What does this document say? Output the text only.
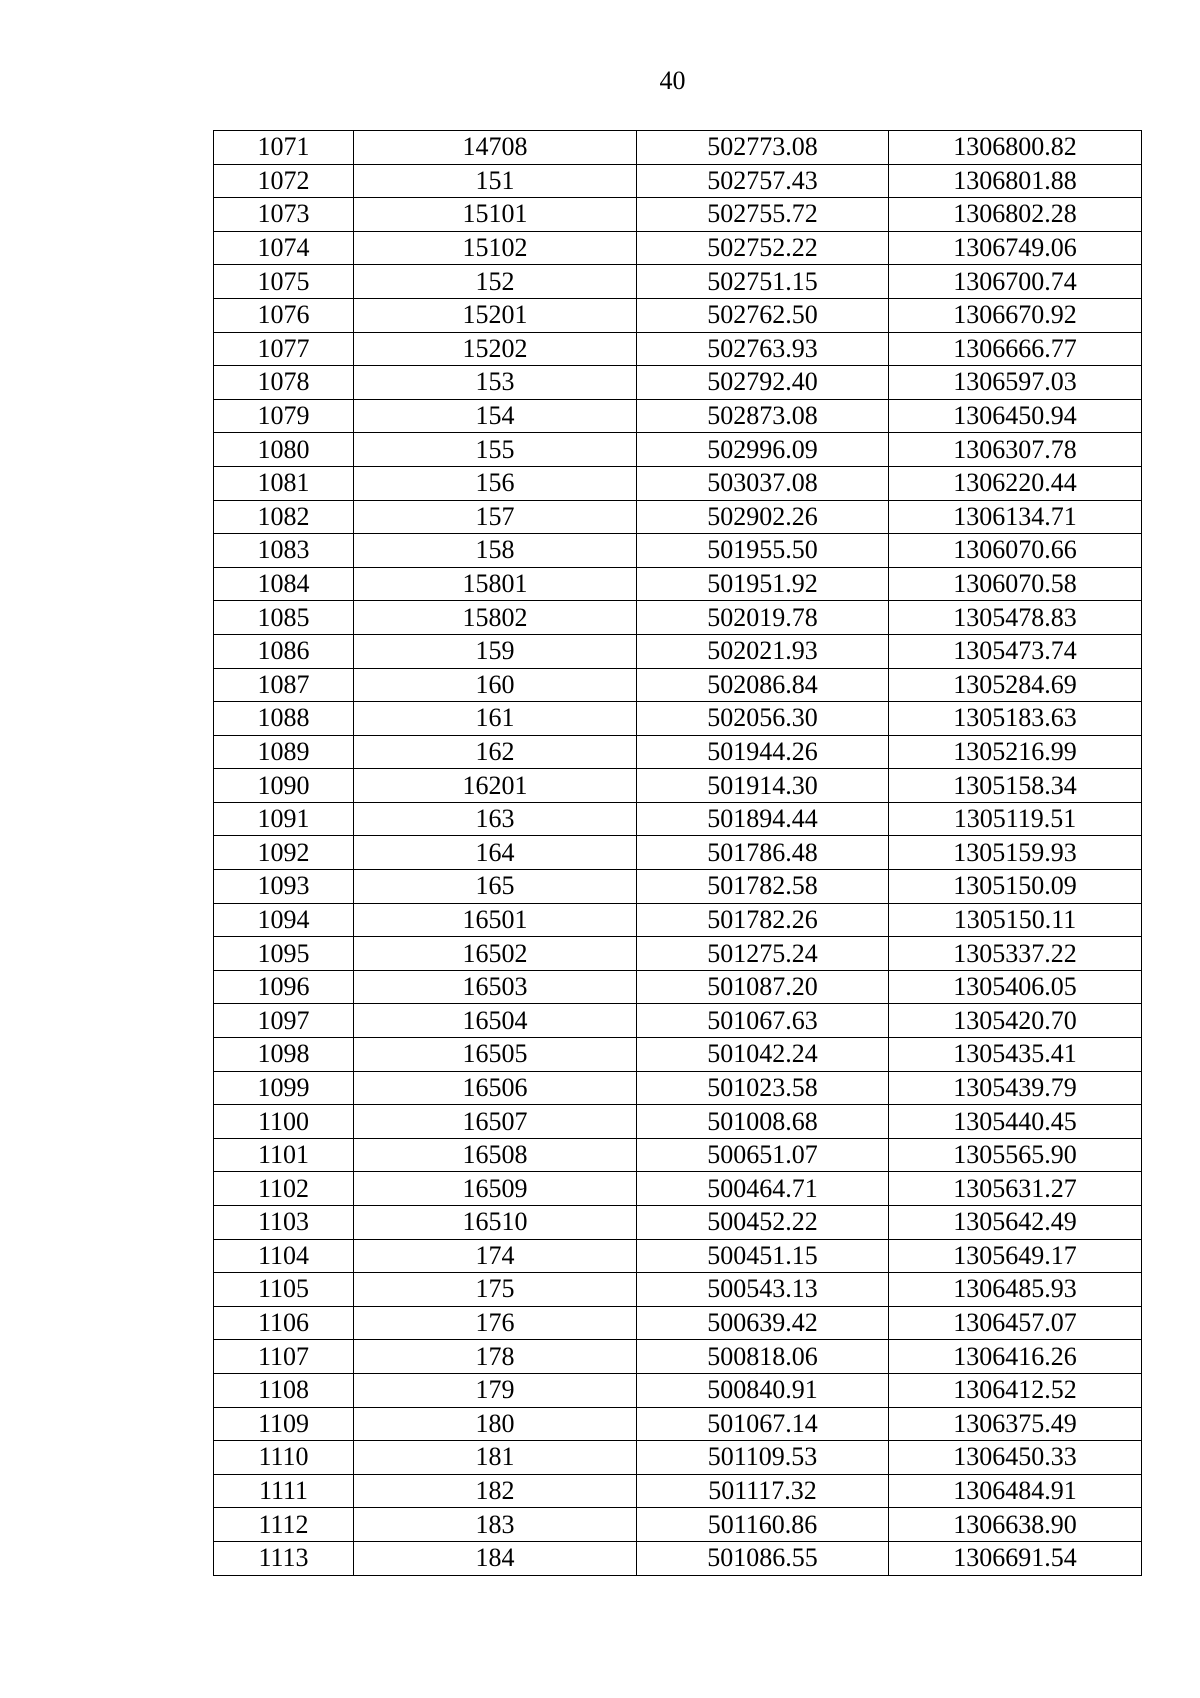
40
1071	14708	502773.08	1306800.82
1072	151	502757.43	1306801.88
1073	15101	502755.72	1306802.28
1074	15102	502752.22	1306749.06
1075	152	502751.15	1306700.74
1076	15201	502762.50	1306670.92
1077	15202	502763.93	1306666.77
1078	153	502792.40	1306597.03
1079	154	502873.08	1306450.94
1080	155	502996.09	1306307.78
1081	156	503037.08	1306220.44
1082	157	502902.26	1306134.71
1083	158	501955.50	1306070.66
1084	15801	501951.92	1306070.58
1085	15802	502019.78	1305478.83
1086	159	502021.93	1305473.74
1087	160	502086.84	1305284.69
1088	161	502056.30	1305183.63
1089	162	501944.26	1305216.99
1090	16201	501914.30	1305158.34
1091	163	501894.44	1305119.51
1092	164	501786.48	1305159.93
1093	165	501782.58	1305150.09
1094	16501	501782.26	1305150.11
1095	16502	501275.24	1305337.22
1096	16503	501087.20	1305406.05
1097	16504	501067.63	1305420.70
1098	16505	501042.24	1305435.41
1099	16506	501023.58	1305439.79
1100	16507	501008.68	1305440.45
1101	16508	500651.07	1305565.90
1102	16509	500464.71	1305631.27
1103	16510	500452.22	1305642.49
1104	174	500451.15	1305649.17
1105	175	500543.13	1306485.93
1106	176	500639.42	1306457.07
1107	178	500818.06	1306416.26
1108	179	500840.91	1306412.52
1109	180	501067.14	1306375.49
1110	181	501109.53	1306450.33
1111	182	501117.32	1306484.91
1112	183	501160.86	1306638.90
1113	184	501086.55	1306691.54
